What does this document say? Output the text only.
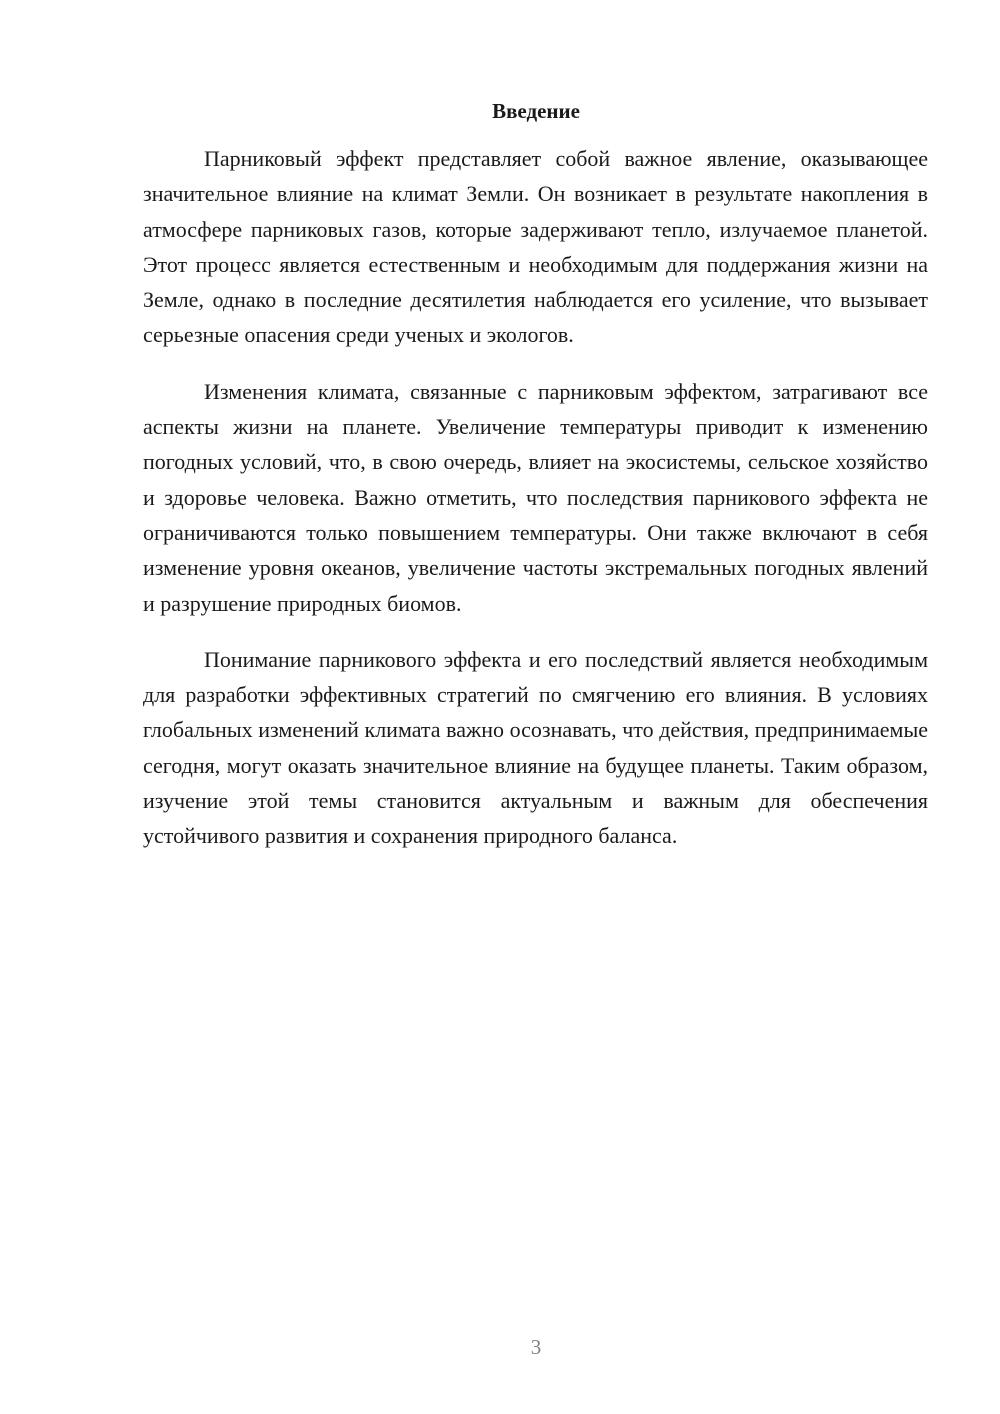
Введение

Парниковый эффект представляет собой важное явление, оказывающее значительное влияние на климат Земли. Он возникает в результате накопления в атмосфере парниковых газов, которые задерживают тепло, излучаемое планетой. Этот процесс является естественным и необходимым для поддержания жизни на Земле, однако в последние десятилетия наблюдается его усиление, что вызывает серьезные опасения среди ученых и экологов.

Изменения климата, связанные с парниковым эффектом, затрагивают все аспекты жизни на планете. Увеличение температуры приводит к изменению погодных условий, что, в свою очередь, влияет на экосистемы, сельское хозяйство и здоровье человека. Важно отметить, что последствия парникового эффекта не ограничиваются только повышением температуры. Они также включают в себя изменение уровня океанов, увеличение частоты экстремальных погодных явлений и разрушение природных биомов.

Понимание парникового эффекта и его последствий является необходимым для разработки эффективных стратегий по смягчению его влияния. В условиях глобальных изменений климата важно осознавать, что действия, предпринимаемые сегодня, могут оказать значительное влияние на будущее планеты. Таким образом, изучение этой темы становится актуальным и важным для обеспечения устойчивого развития и сохранения природного баланса.

3
